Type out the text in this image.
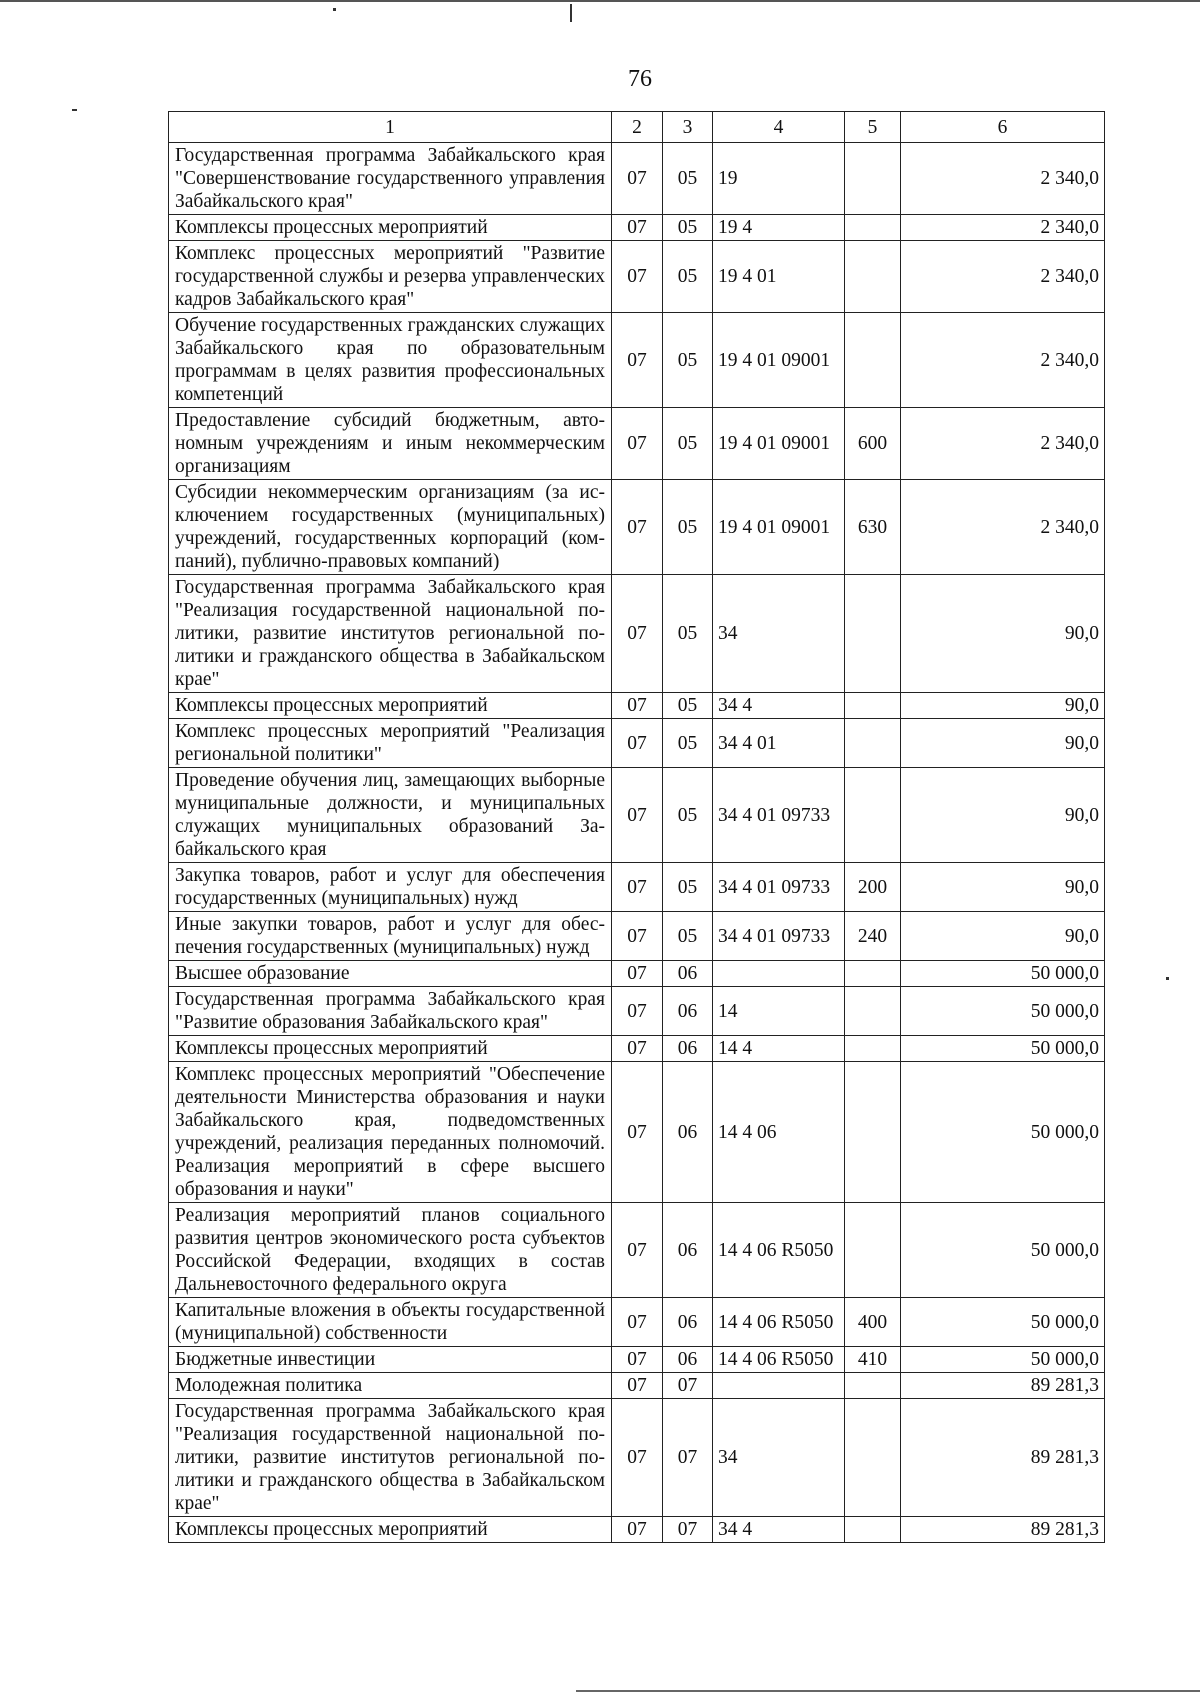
76
1	2	3	4	5	6
Государственная программа Забайкальского края "Совершенствование государственного управления Забайкальского края"	07	05	19		2 340,0
Комплексы процессных мероприятий	07	05	19 4		2 340,0
Комплекс процессных мероприятий "Развитие государственной службы и резерва управленческих кадров Забайкальского края"	07	05	19 4 01		2 340,0
Обучение государственных гражданских служащих Забайкальского края по образовательным программам в целях развития профессиональных компетенций	07	05	19 4 01 09001		2 340,0
Предоставление субсидий бюджетным, автономным учреждениям и иным некоммерческим организациям	07	05	19 4 01 09001	600	2 340,0
Субсидии некоммерческим организациям (за исключением государственных (муниципальных) учреждений, государственных корпораций (компаний), публично-правовых компаний)	07	05	19 4 01 09001	630	2 340,0
Государственная программа Забайкальского края "Реализация государственной национальной политики, развитие институтов региональной политики и гражданского общества в Забайкальском крае"	07	05	34		90,0
Комплексы процессных мероприятий	07	05	34 4		90,0
Комплекс процессных мероприятий "Реализация региональной политики"	07	05	34 4 01		90,0
Проведение обучения лиц, замещающих выборные муниципальные должности, и муниципальных служащих муниципальных образований Забайкальского края	07	05	34 4 01 09733		90,0
Закупка товаров, работ и услуг для обеспечения государственных (муниципальных) нужд	07	05	34 4 01 09733	200	90,0
Иные закупки товаров, работ и услуг для обеспечения государственных (муниципальных) нужд	07	05	34 4 01 09733	240	90,0
Высшее образование	07	06			50 000,0
Государственная программа Забайкальского края "Развитие образования Забайкальского края"	07	06	14		50 000,0
Комплексы процессных мероприятий	07	06	14 4		50 000,0
Комплекс процессных мероприятий "Обеспечение деятельности Министерства образования и науки Забайкальского края, подведомственных учреждений, реализация переданных полномочий. Реализация мероприятий в сфере высшего образования и науки"	07	06	14 4 06		50 000,0
Реализация мероприятий планов социального развития центров экономического роста субъектов Российской Федерации, входящих в состав Дальневосточного федерального округа	07	06	14 4 06 R5050		50 000,0
Капитальные вложения в объекты государственной (муниципальной) собственности	07	06	14 4 06 R5050	400	50 000,0
Бюджетные инвестиции	07	06	14 4 06 R5050	410	50 000,0
Молодежная политика	07	07			89 281,3
Государственная программа Забайкальского края "Реализация государственной национальной политики, развитие институтов региональной политики и гражданского общества в Забайкальском крае"	07	07	34		89 281,3
Комплексы процессных мероприятий	07	07	34 4		89 281,3
